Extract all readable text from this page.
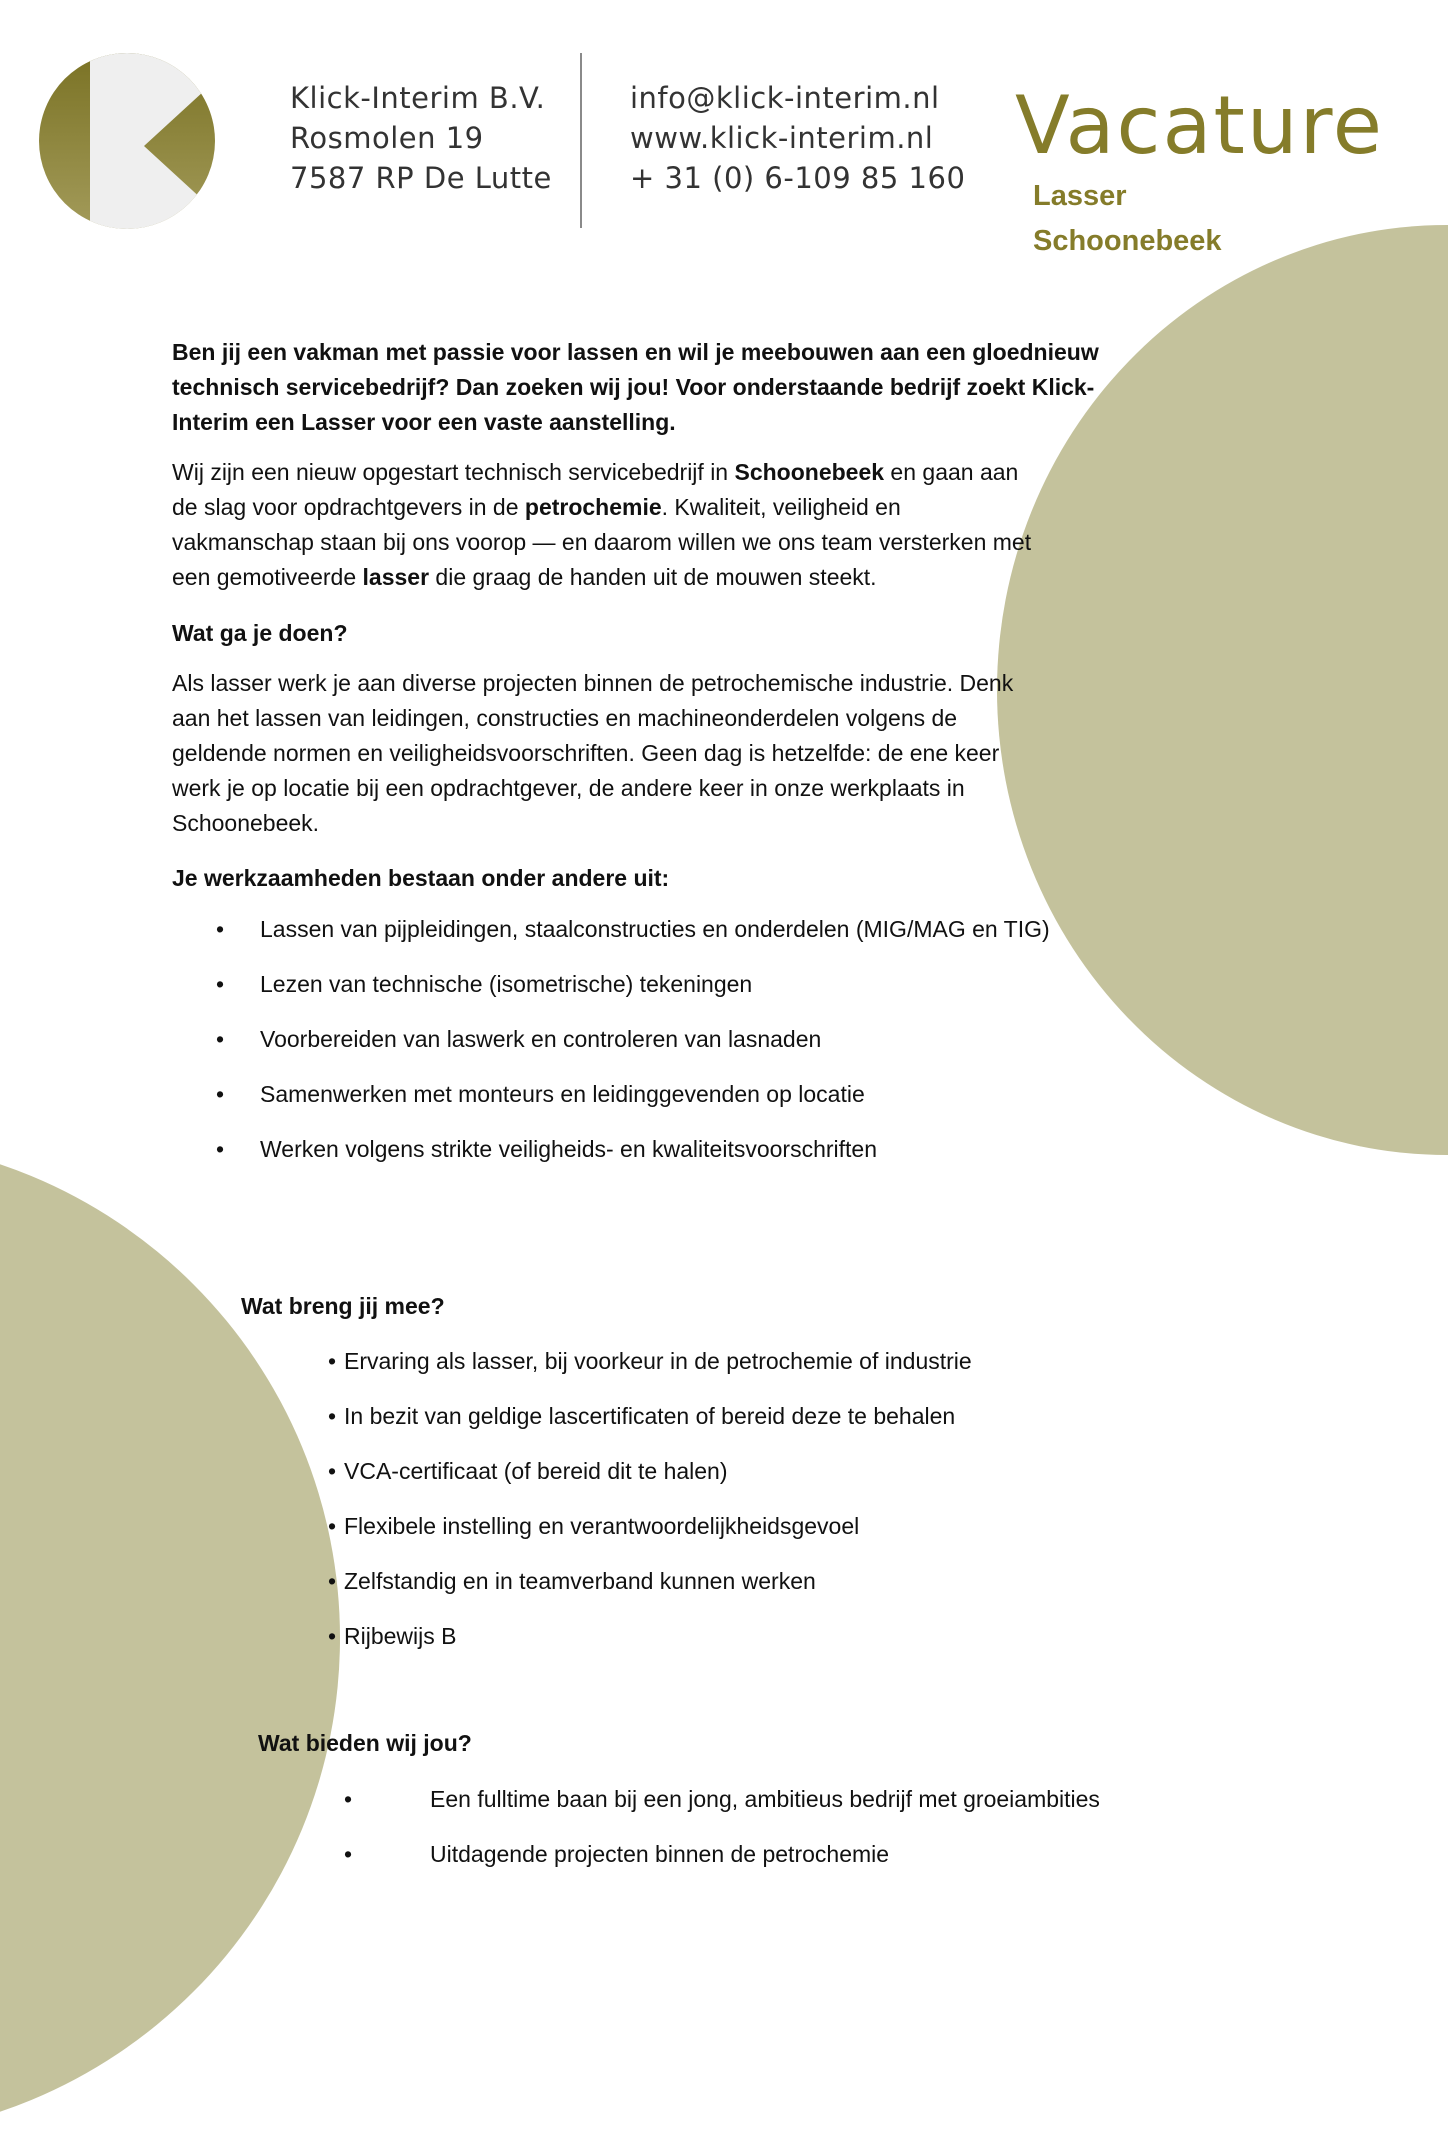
Klick-Interim B.V.
Rosmolen 19
7587 RP De Lutte
info@klick-interim.nl
www.klick-interim.nl
+ 31 (0) 6-109 85 160
Vacature
Lasser
Schoonebeek

Ben jij een vakman met passie voor lassen en wil je meebouwen aan een gloednieuw technisch servicebedrijf? Dan zoeken wij jou! Voor onderstaande bedrijf zoekt Klick-Interim een Lasser voor een vaste aanstelling.

Wij zijn een nieuw opgestart technisch servicebedrijf in Schoonebeek en gaan aan de slag voor opdrachtgevers in de petrochemie. Kwaliteit, veiligheid en vakmanschap staan bij ons voorop — en daarom willen we ons team versterken met een gemotiveerde lasser die graag de handen uit de mouwen steekt.

Wat ga je doen?

Als lasser werk je aan diverse projecten binnen de petrochemische industrie. Denk aan het lassen van leidingen, constructies en machineonderdelen volgens de geldende normen en veiligheidsvoorschriften. Geen dag is hetzelfde: de ene keer werk je op locatie bij een opdrachtgever, de andere keer in onze werkplaats in Schoonebeek.

Je werkzaamheden bestaan onder andere uit:

• Lassen van pijpleidingen, staalconstructies en onderdelen (MIG/MAG en TIG)
• Lezen van technische (isometrische) tekeningen
• Voorbereiden van laswerk en controleren van lasnaden
• Samenwerken met monteurs en leidinggevenden op locatie
• Werken volgens strikte veiligheids- en kwaliteitsvoorschriften
Wat breng jij mee?
• Ervaring als lasser, bij voorkeur in de petrochemie of industrie
• In bezit van geldige lascertificaten of bereid deze te behalen
• VCA-certificaat (of bereid dit te halen)
• Flexibele instelling en verantwoordelijkheidsgevoel
• Zelfstandig en in teamverband kunnen werken
• Rijbewijs B
Wat bieden wij jou?
• Een fulltime baan bij een jong, ambitieus bedrijf met groeiambities
• Uitdagende projecten binnen de petrochemie
